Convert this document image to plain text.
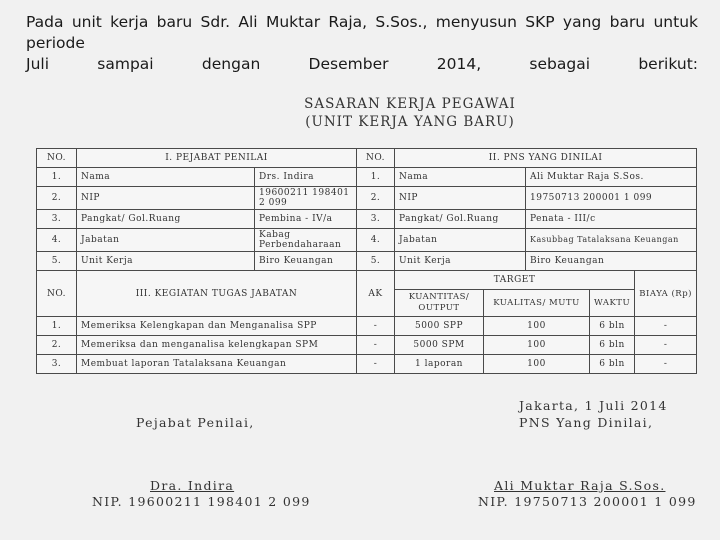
Pada unit kerja baru Sdr. Ali Muktar Raja, S.Sos., menyusun SKP yang baru untuk periode
Juli sampai dengan Desember 2014, sebagai berikut:
SASARAN KERJA PEGAWAI
(UNIT KERJA YANG BARU)
NO.	I. PEJABAT PENILAI		NO.	II. PNS YANG DINILAI				
1.	Nama	Drs. Indira	1.	Nama		Ali Muktar Raja S.Sos.		
2.	NIP	19600211 198401 2 099	2.	NIP		19750713 200001 1 099		
3.	Pangkat/ Gol.Ruang	Pembina - IV/a	3.	Pangkat/ Gol.Ruang		Penata - III/c		
4.	Jabatan	Kabag Perbendaharaan	4.	Jabatan		Kasubbag Tatalaksana Keuangan		
5.	Unit Kerja	Biro Keuangan	5.	Unit Kerja		Biro Keuangan		
NO.	III. KEGIATAN TUGAS JABATAN		AK	TARGET				BIAYA (Rp)
				KUANTITAS/ OUTPUT	KUALITAS/ MUTU		WAKTU	
1.	Memeriksa Kelengkapan dan Menganalisa SPP		-	5000 SPP	100		6 bln	-
2.	Memeriksa dan menganalisa kelengkapan SPM		-	5000 SPM	100		6 bln	-
3.	Membuat laporan Tatalaksana Keuangan		-	1 laporan	100		6 bln	-
Pejabat Penilai,
Jakarta, 1 Juli 2014
PNS Yang Dinilai,
Dra. Indira
NIP. 19600211 198401 2 099
Ali Muktar Raja S.Sos.
NIP. 19750713 200001 1 099
